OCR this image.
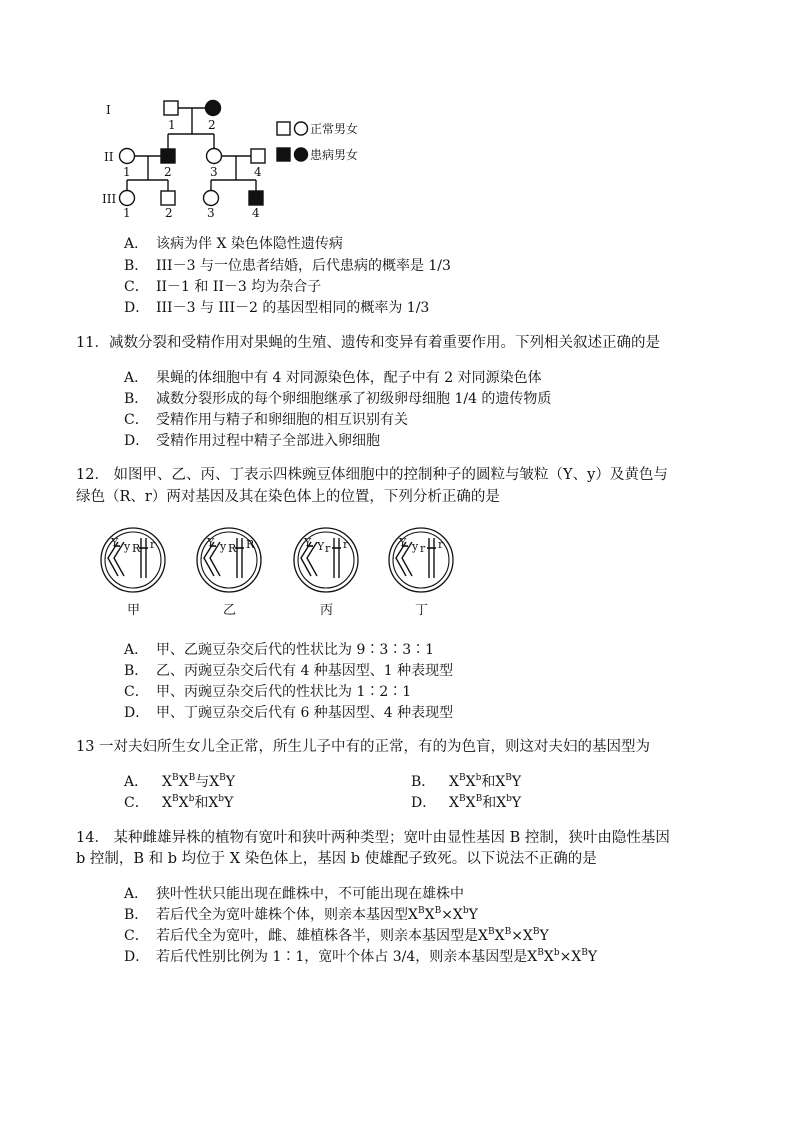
I
II
III
1	2
1	2	3	4
1	2	3	4
正常男女
患病男女
A． 该病为伴 X 染色体隐性遗传病
B． III－3 与一位患者结婚，后代患病的概率是 1/3
C． II－1 和 II－3 均为杂合子
D． III－3 与 III－2 的基因型相同的概率为 1/3
11．减数分裂和受精作用对果蝇的生殖、遗传和变异有着重要作用。下列相关叙述正确的是
A． 果蝇的体细胞中有 4 对同源染色体，配子中有 2 对同源染色体
B． 减数分裂形成的每个卵细胞继承了初级卵母细胞 1/4 的遗传物质
C． 受精作用与精子和卵细胞的相互识别有关
D． 受精作用过程中精子全部进入卵细胞
12． 如图甲、乙、丙、丁表示四株豌豆体细胞中的控制种子的圆粒与皱粒（Y、y）及黄色与
绿色（R、r）两对基因及其在染色体上的位置，下列分析正确的是
Y y R r
甲
Y y R R
乙
Y Y r r
丙
Y y r r
丁
A． 甲、乙豌豆杂交后代的性状比为 9∶3∶3∶1
B． 乙、丙豌豆杂交后代有 4 种基因型、1 种表现型
C． 甲、丙豌豆杂交后代的性状比为 1∶2∶1
D． 甲、丁豌豆杂交后代有 6 种基因型、4 种表现型
13 一对夫妇所生女儿全正常，所生儿子中有的正常，有的为色盲，则这对夫妇的基因型为
A． $X^BX^B$与$X^BY$	B． $X^BX^b$和$X^BY$
C． $X^BX^b$和$X^bY$	D． $X^BX^B$和$X^bY$
14． 某种雌雄异株的植物有宽叶和狭叶两种类型；宽叶由显性基因 B 控制，狭叶由隐性基因
b 控制，B 和 b 均位于 X 染色体上，基因 b 使雄配子致死。以下说法不正确的是
A． 狭叶性状只能出现在雌株中，不可能出现在雄株中
B． 若后代全为宽叶雄株个体，则亲本基因型$X^BX^B\times X^bY$
C． 若后代全为宽叶，雌、雄植株各半，则亲本基因型是$X^BX^B\times X^BY$
D． 若后代性别比例为 1∶1，宽叶个体占 3/4，则亲本基因型是$X^BX^b\times X^BY$
